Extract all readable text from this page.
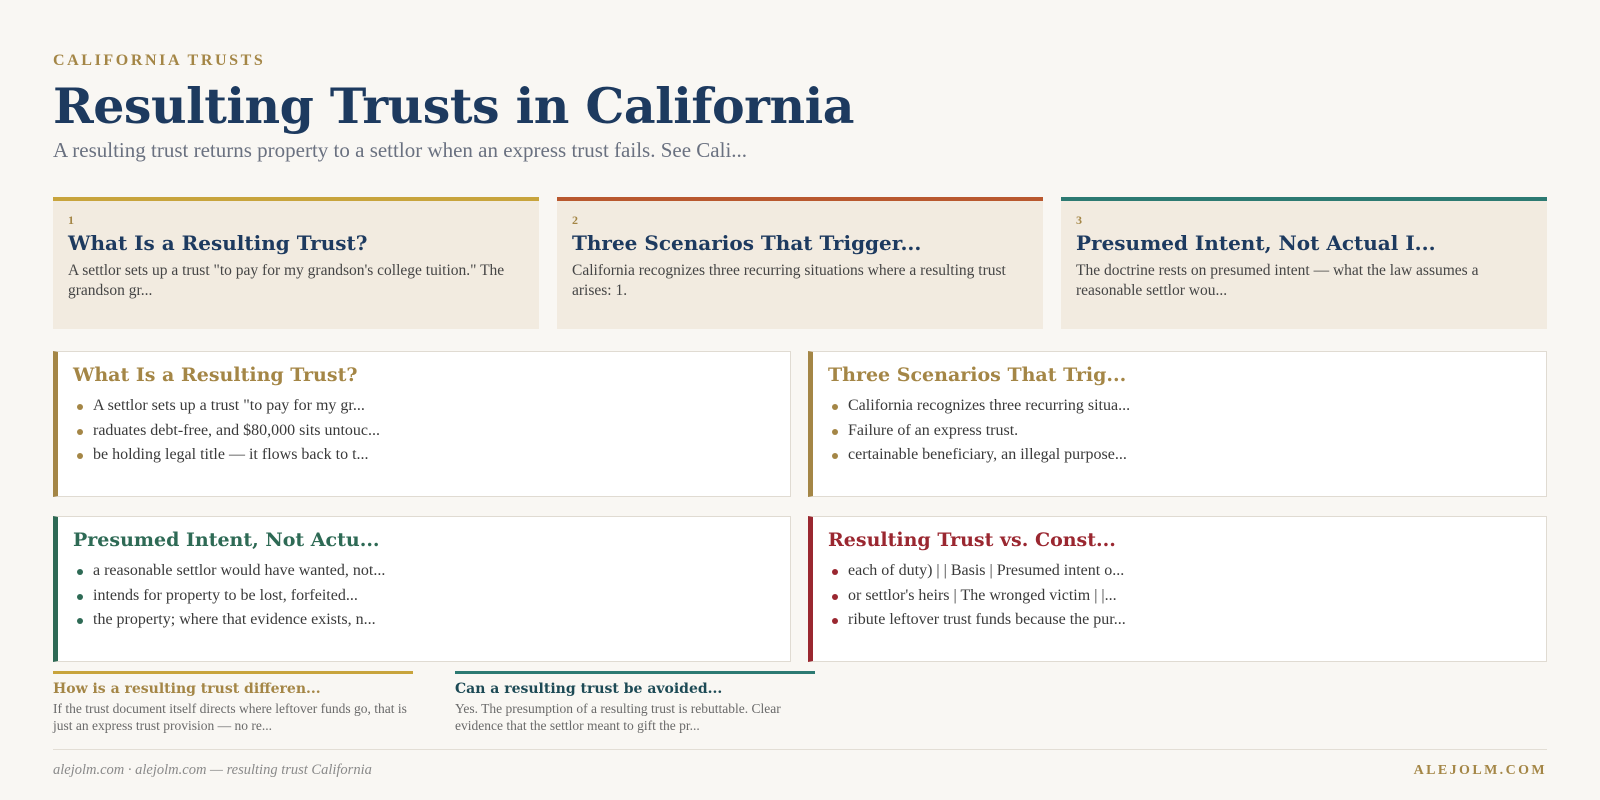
CALIFORNIA TRUSTS
Resulting Trusts in California
A resulting trust returns property to a settlor when an express trust fails. See Cali...
1
What Is a Resulting Trust?
A settlor sets up a trust "to pay for my grandson's college tuition." The grandson gr...
2
Three Scenarios That Trigger...
California recognizes three recurring situations where a resulting trust arises: 1.
3
Presumed Intent, Not Actual I...
The doctrine rests on presumed intent — what the law assumes a reasonable settlor wou...
What Is a Resulting Trust?
A settlor sets up a trust "to pay for my gr...
raduates debt-free, and $80,000 sits untouc...
be holding legal title — it flows back to t...
Three Scenarios That Trig...
California recognizes three recurring situa...
Failure of an express trust.
certainable beneficiary, an illegal purpose...
Presumed Intent, Not Actu...
a reasonable settlor would have wanted, not...
intends for property to be lost, forfeited...
the property; where that evidence exists, n...
Resulting Trust vs. Const...
each of duty) | | Basis | Presumed intent o...
or settlor's heirs | The wronged victim | |...
ribute leftover trust funds because the pur...
How is a resulting trust differen...
If the trust document itself directs where leftover funds go, that is just an express trust provision — no re...
Can a resulting trust be avoided...
Yes. The presumption of a resulting trust is rebuttable. Clear evidence that the settlor meant to gift the pr...
alejolm.com · alejolm.com — resulting trust California	ALEJOLM.COM
